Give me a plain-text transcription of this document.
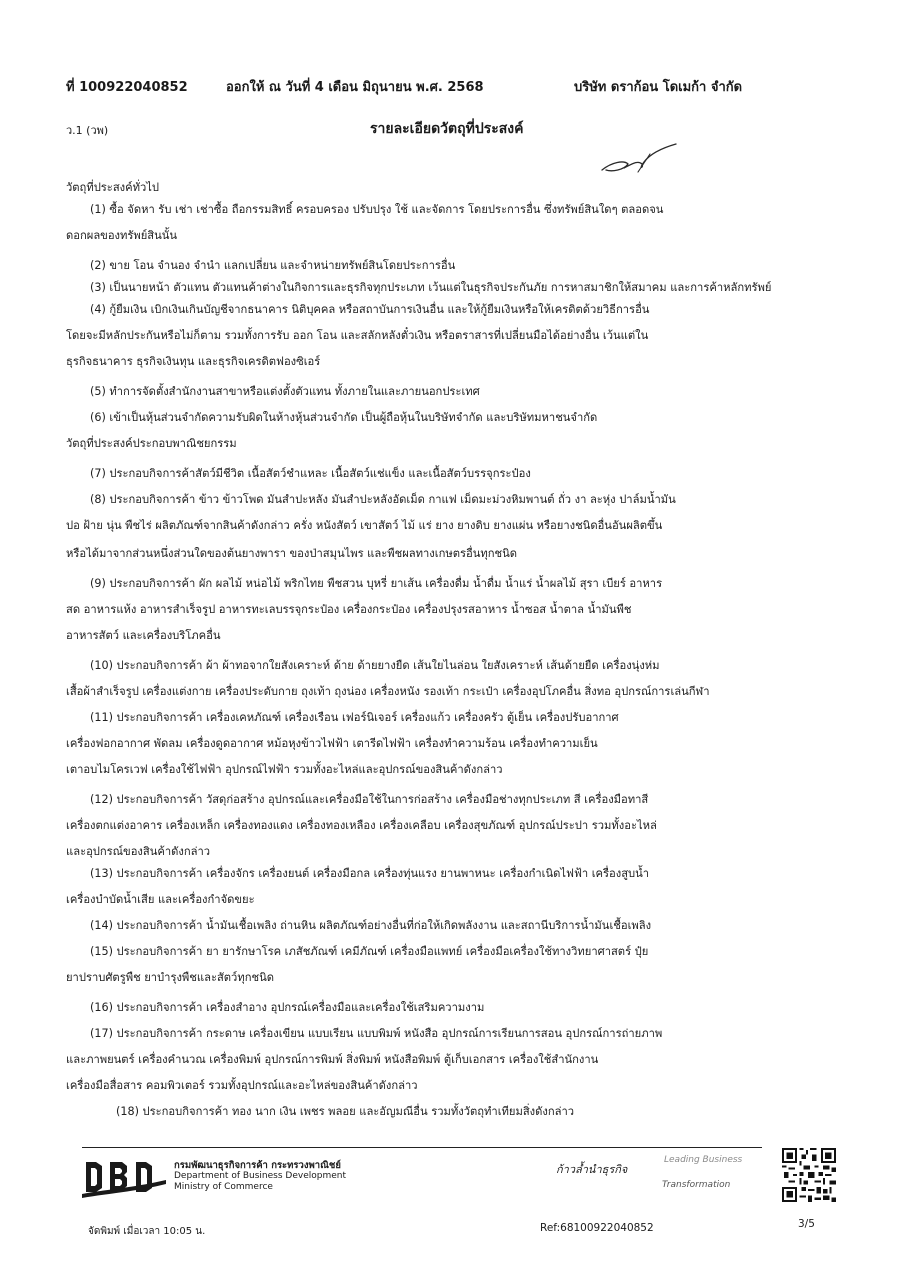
ที่ 100922040852	ออกให้ ณ วันที่ 4 เดือน มิถุนายน พ.ศ. 2568	บริษัท ดราก้อน โดเมก้า จำกัด
ว.1 (วพ)	รายละเอียดวัตถุที่ประสงค์
วัตถุที่ประสงค์ทั่วไป
(1) ซื้อ จัดหา รับ เช่า เช่าซื้อ ถือกรรมสิทธิ์ ครอบครอง ปรับปรุง ใช้ และจัดการ โดยประการอื่น ซึ่งทรัพย์สินใดๆ ตลอดจน
ดอกผลของทรัพย์สินนั้น
(2) ขาย โอน จำนอง จำนำ แลกเปลี่ยน และจำหน่ายทรัพย์สินโดยประการอื่น
(3) เป็นนายหน้า ตัวแทน ตัวแทนค้าต่างในกิจการและธุรกิจทุกประเภท เว้นแต่ในธุรกิจประกันภัย การหาสมาชิกให้สมาคม และการค้าหลักทรัพย์
(4) กู้ยืมเงิน เบิกเงินเกินบัญชีจากธนาคาร นิติบุคคล หรือสถาบันการเงินอื่น และให้กู้ยืมเงินหรือให้เครดิตด้วยวิธีการอื่น
โดยจะมีหลักประกันหรือไม่ก็ตาม รวมทั้งการรับ ออก โอน และสลักหลังตั๋วเงิน หรือตราสารที่เปลี่ยนมือได้อย่างอื่น เว้นแต่ใน
ธุรกิจธนาคาร ธุรกิจเงินทุน และธุรกิจเครดิตฟองซิเอร์
(5) ทำการจัดตั้งสำนักงานสาขาหรือแต่งตั้งตัวแทน ทั้งภายในและภายนอกประเทศ
(6) เข้าเป็นหุ้นส่วนจำกัดความรับผิดในห้างหุ้นส่วนจำกัด เป็นผู้ถือหุ้นในบริษัทจำกัด และบริษัทมหาชนจำกัด
วัตถุที่ประสงค์ประกอบพาณิชยกรรม
(7) ประกอบกิจการค้าสัตว์มีชีวิต เนื้อสัตว์ชำแหละ เนื้อสัตว์แช่แข็ง และเนื้อสัตว์บรรจุกระป๋อง
(8) ประกอบกิจการค้า ข้าว ข้าวโพด มันสำปะหลัง มันสำปะหลังอัดเม็ด กาแฟ เม็ดมะม่วงหิมพานต์ ถั่ว งา ละหุ่ง ปาล์มน้ำมัน
ปอ ฝ้าย นุ่น พืชไร่ ผลิตภัณฑ์จากสินค้าดังกล่าว ครั่ง หนังสัตว์ เขาสัตว์ ไม้ แร่ ยาง ยางดิบ ยางแผ่น หรือยางชนิดอื่นอันผลิตขึ้น
หรือได้มาจากส่วนหนึ่งส่วนใดของต้นยางพารา ของป่าสมุนไพร และพืชผลทางเกษตรอื่นทุกชนิด
(9) ประกอบกิจการค้า ผัก ผลไม้ หน่อไม้ พริกไทย พืชสวน บุหรี่ ยาเส้น เครื่องดื่ม น้ำดื่ม น้ำแร่ น้ำผลไม้ สุรา เบียร์ อาหาร
สด อาหารแห้ง อาหารสำเร็จรูป อาหารทะเลบรรจุกระป๋อง เครื่องกระป๋อง เครื่องปรุงรสอาหาร น้ำซอส น้ำตาล น้ำมันพืช
อาหารสัตว์ และเครื่องบริโภคอื่น
(10) ประกอบกิจการค้า ผ้า ผ้าทอจากใยสังเคราะห์ ด้าย ด้ายยางยืด เส้นใยไนล่อน ใยสังเคราะห์ เส้นด้ายยืด เครื่องนุ่งห่ม
เสื้อผ้าสำเร็จรูป เครื่องแต่งกาย เครื่องประดับกาย ถุงเท้า ถุงน่อง เครื่องหนัง รองเท้า กระเป๋า เครื่องอุปโภคอื่น สิ่งทอ อุปกรณ์การเล่นกีฬา
(11) ประกอบกิจการค้า เครื่องเคหภัณฑ์ เครื่องเรือน เฟอร์นิเจอร์ เครื่องแก้ว เครื่องครัว ตู้เย็น เครื่องปรับอากาศ
เครื่องฟอกอากาศ พัดลม เครื่องดูดอากาศ หม้อหุงข้าวไฟฟ้า เตารีดไฟฟ้า เครื่องทำความร้อน เครื่องทำความเย็น
เตาอบไมโครเวฟ เครื่องใช้ไฟฟ้า อุปกรณ์ไฟฟ้า รวมทั้งอะไหล่และอุปกรณ์ของสินค้าดังกล่าว
(12) ประกอบกิจการค้า วัสดุก่อสร้าง อุปกรณ์และเครื่องมือใช้ในการก่อสร้าง เครื่องมือช่างทุกประเภท สี เครื่องมือทาสี
เครื่องตกแต่งอาคาร เครื่องเหล็ก เครื่องทองแดง เครื่องทองเหลือง เครื่องเคลือบ เครื่องสุขภัณฑ์ อุปกรณ์ประปา รวมทั้งอะไหล่
และอุปกรณ์ของสินค้าดังกล่าว
(13) ประกอบกิจการค้า เครื่องจักร เครื่องยนต์ เครื่องมือกล เครื่องทุ่นแรง ยานพาหนะ เครื่องกำเนิดไฟฟ้า เครื่องสูบน้ำ
เครื่องบำบัดน้ำเสีย และเครื่องกำจัดขยะ
(14) ประกอบกิจการค้า น้ำมันเชื้อเพลิง ถ่านหิน ผลิตภัณฑ์อย่างอื่นที่ก่อให้เกิดพลังงาน และสถานีบริการน้ำมันเชื้อเพลิง
(15) ประกอบกิจการค้า ยา ยารักษาโรค เภสัชภัณฑ์ เคมีภัณฑ์ เครื่องมือแพทย์ เครื่องมือเครื่องใช้ทางวิทยาศาสตร์ ปุ๋ย
ยาปราบศัตรูพืช ยาบำรุงพืชและสัตว์ทุกชนิด
(16) ประกอบกิจการค้า เครื่องสำอาง อุปกรณ์เครื่องมือและเครื่องใช้เสริมความงาม
(17) ประกอบกิจการค้า กระดาษ เครื่องเขียน แบบเรียน แบบพิมพ์ หนังสือ อุปกรณ์การเรียนการสอน อุปกรณ์การถ่ายภาพ
และภาพยนตร์ เครื่องคำนวณ เครื่องพิมพ์ อุปกรณ์การพิมพ์ สิ่งพิมพ์ หนังสือพิมพ์ ตู้เก็บเอกสาร เครื่องใช้สำนักงาน
เครื่องมือสื่อสาร คอมพิวเตอร์ รวมทั้งอุปกรณ์และอะไหล่ของสินค้าดังกล่าว
(18) ประกอบกิจการค้า ทอง นาก เงิน เพชร พลอย และอัญมณีอื่น รวมทั้งวัตถุทำเทียมสิ่งดังกล่าว
กรมพัฒนาธุรกิจการค้า กระทรวงพาณิชย์
Department of Business Development
Ministry of Commerce
ก้าวล้ำนำธุรกิจ
Leading Business
Transformation
จัดพิมพ์ เมื่อเวลา 10:05 น.	Ref:68100922040852	3/5
